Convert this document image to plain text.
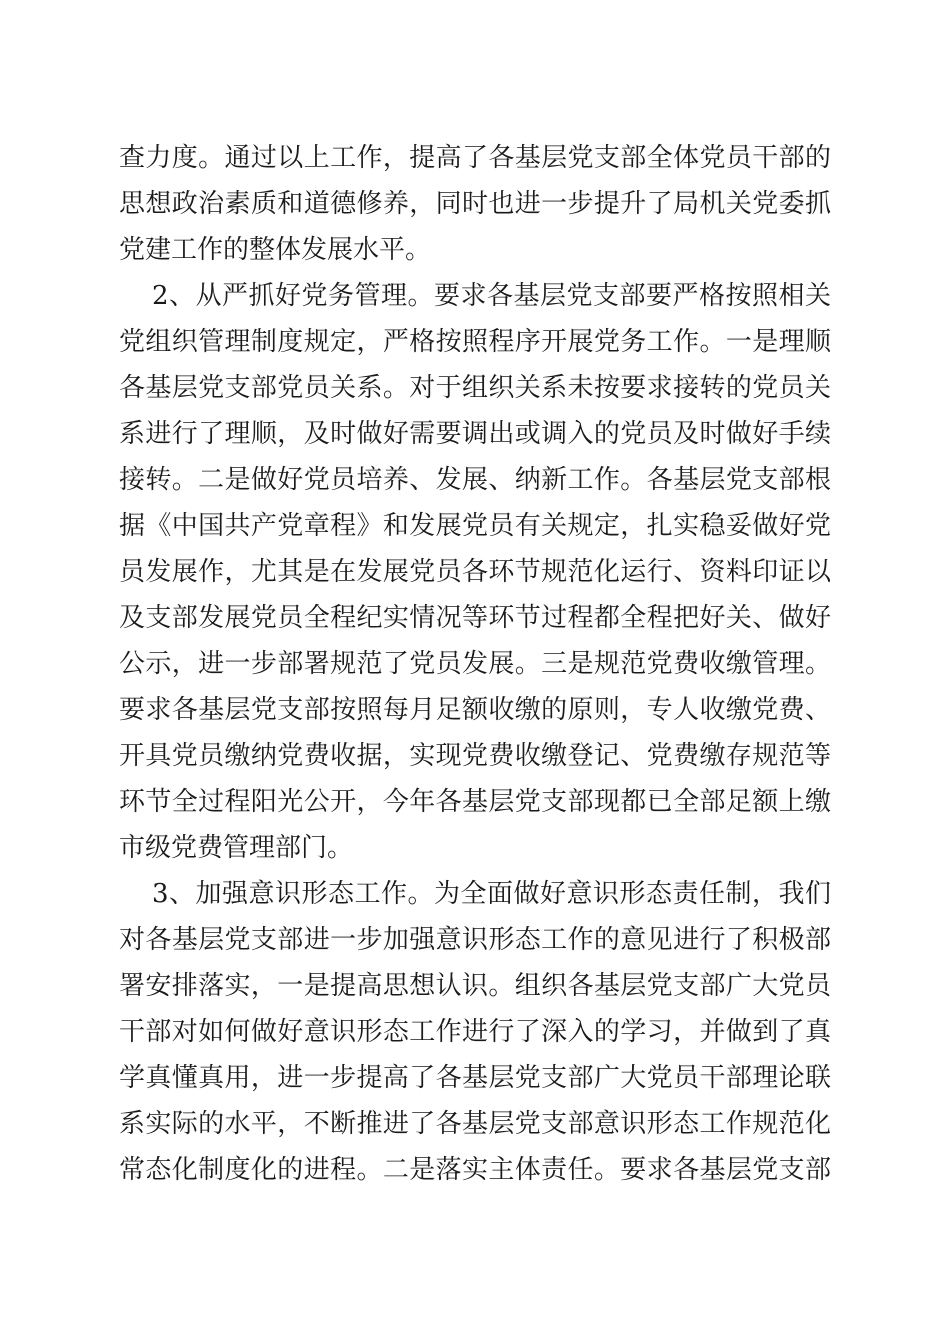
查力度。通过以上工作，提高了各基层党支部全体党员干部的
思想政治素质和道德修养，同时也进一步提升了局机关党委抓
党建工作的整体发展水平。
2、从严抓好党务管理。要求各基层党支部要严格按照相关
党组织管理制度规定，严格按照程序开展党务工作。一是理顺
各基层党支部党员关系。对于组织关系未按要求接转的党员关
系进行了理顺，及时做好需要调出或调入的党员及时做好手续
接转。二是做好党员培养、发展、纳新工作。各基层党支部根
据《中国共产党章程》和发展党员有关规定，扎实稳妥做好党
员发展作，尤其是在发展党员各环节规范化运行、资料印证以
及支部发展党员全程纪实情况等环节过程都全程把好关、做好
公示，进一步部署规范了党员发展。三是规范党费收缴管理。
要求各基层党支部按照每月足额收缴的原则，专人收缴党费、
开具党员缴纳党费收据，实现党费收缴登记、党费缴存规范等
环节全过程阳光公开，今年各基层党支部现都已全部足额上缴
市级党费管理部门。
3、加强意识形态工作。为全面做好意识形态责任制，我们
对各基层党支部进一步加强意识形态工作的意见进行了积极部
署安排落实，一是提高思想认识。组织各基层党支部广大党员
干部对如何做好意识形态工作进行了深入的学习，并做到了真
学真懂真用，进一步提高了各基层党支部广大党员干部理论联
系实际的水平，不断推进了各基层党支部意识形态工作规范化
常态化制度化的进程。二是落实主体责任。要求各基层党支部
